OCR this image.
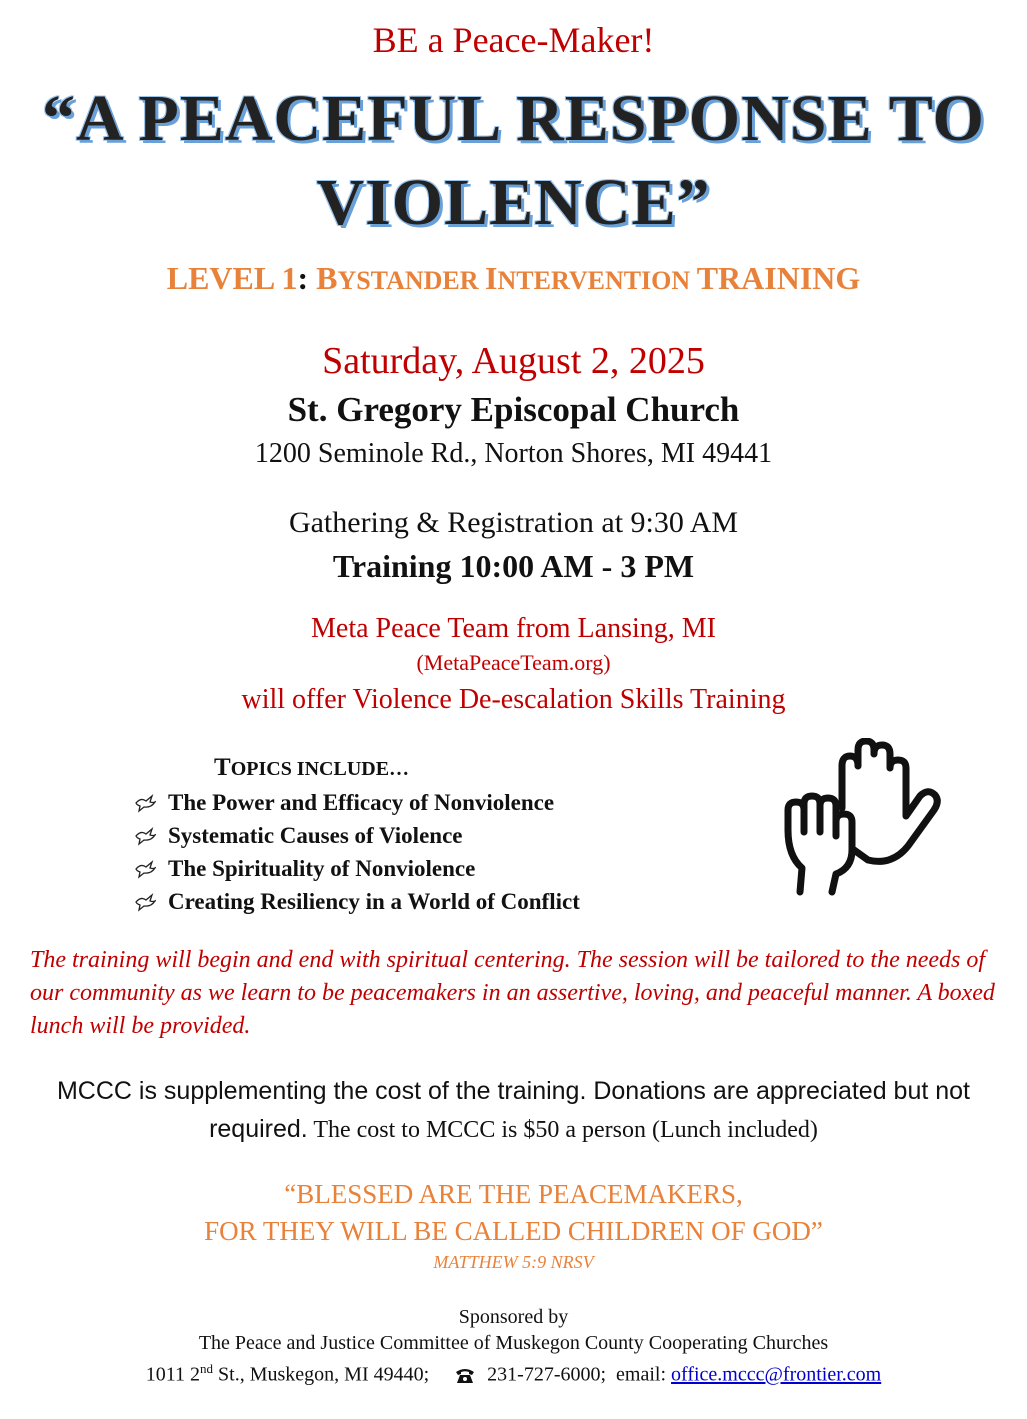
BE a Peace-Maker!
“A PEACEFUL RESPONSE TO
VIOLENCE”
LEVEL 1: BYSTANDER INTERVENTION TRAINING
Saturday, August 2, 2025
St. Gregory Episcopal Church
1200 Seminole Rd., Norton Shores, MI 49441
Gathering & Registration at 9:30 AM
Training 10:00 AM - 3 PM
Meta Peace Team from Lansing, MI
(MetaPeaceTeam.org)
will offer Violence De-escalation Skills Training
TOPICS INCLUDE…
The Power and Efficacy of Nonviolence
Systematic Causes of Violence
The Spirituality of Nonviolence
Creating Resiliency in a World of Conflict
The training will begin and end with spiritual centering. The session will be tailored to the needs of our community as we learn to be peacemakers in an assertive, loving, and peaceful manner. A boxed lunch will be provided.
MCCC is supplementing the cost of the training. Donations are appreciated but not
required. The cost to MCCC is $50 a person (Lunch included)
“BLESSED ARE THE PEACEMAKERS,
FOR THEY WILL BE CALLED CHILDREN OF GOD”
MATTHEW 5:9 NRSV
Sponsored by
The Peace and Justice Committee of Muskegon County Cooperating Churches
1011 2nd St., Muskegon, MI 49440;	231-727-6000;  email: office.mccc@frontier.com
